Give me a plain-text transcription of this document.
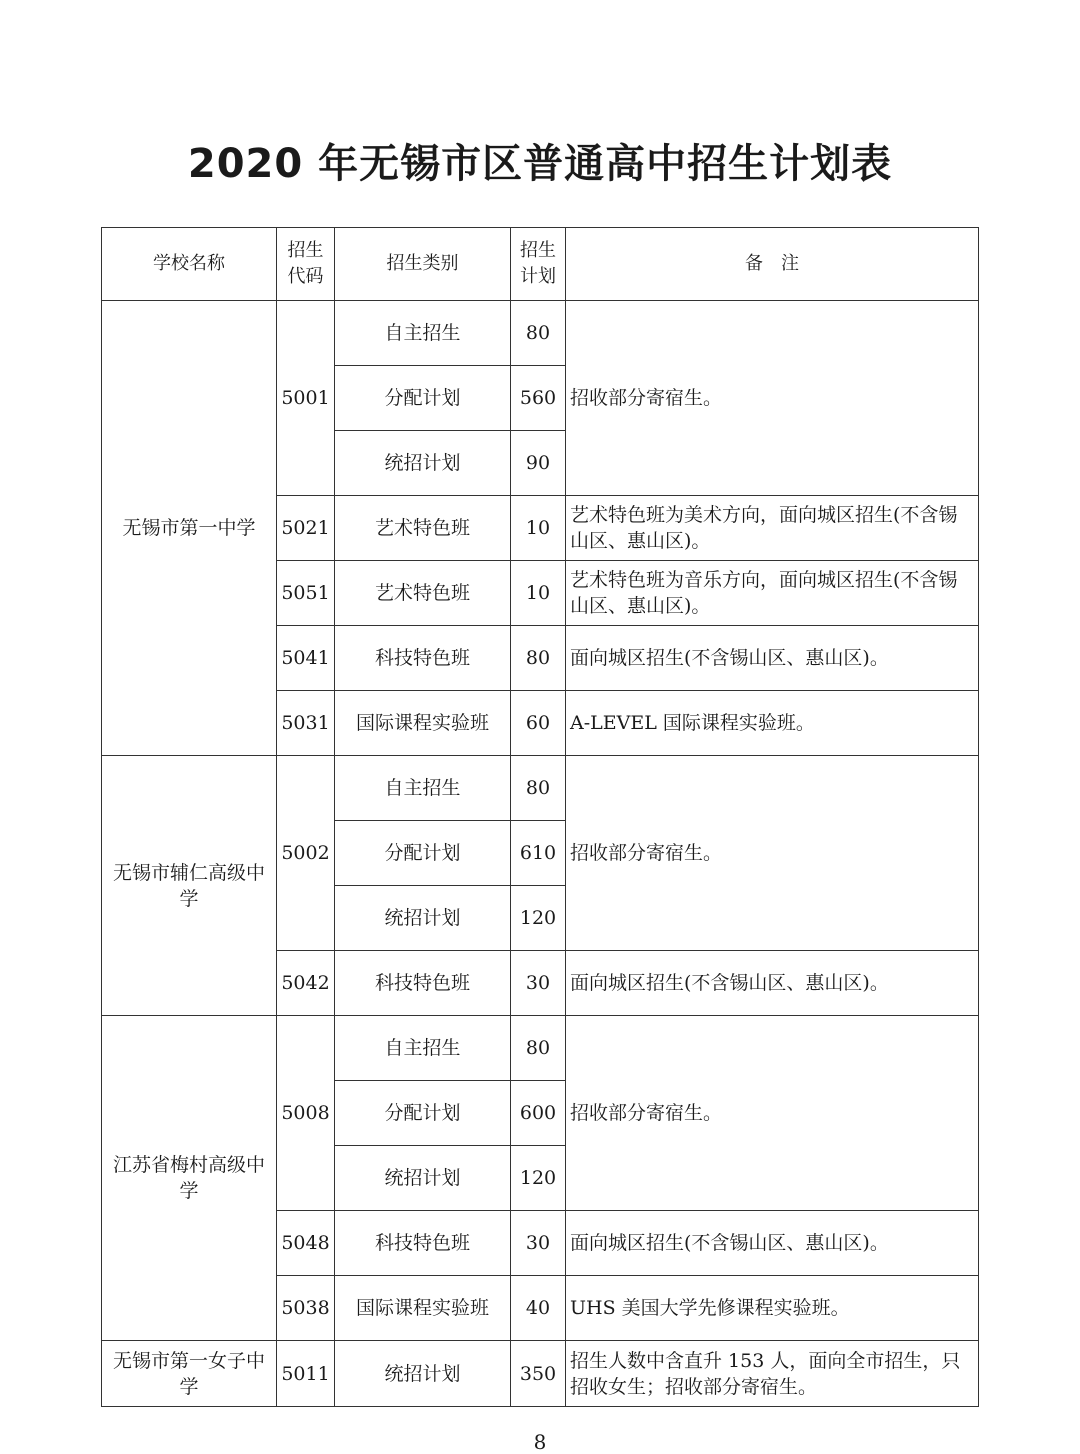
2020 年无锡市区普通高中招生计划表
学校名称	招生代码	招生类别	招生计划	备　注
无锡市第一中学	5001	自主招生	80	招收部分寄宿生。
		分配计划	560	
		统招计划	90	
	5021	艺术特色班	10	艺术特色班为美术方向，面向城区招生(不含锡山区、惠山区)。
	5051	艺术特色班	10	艺术特色班为音乐方向，面向城区招生(不含锡山区、惠山区)。
	5041	科技特色班	80	面向城区招生(不含锡山区、惠山区)。
	5031	国际课程实验班	60	A-LEVEL 国际课程实验班。
无锡市辅仁高级中学	5002	自主招生	80	招收部分寄宿生。
		分配计划	610	
		统招计划	120	
	5042	科技特色班	30	面向城区招生(不含锡山区、惠山区)。
江苏省梅村高级中学	5008	自主招生	80	招收部分寄宿生。
		分配计划	600	
		统招计划	120	
	5048	科技特色班	30	面向城区招生(不含锡山区、惠山区)。
	5038	国际课程实验班	40	UHS 美国大学先修课程实验班。
无锡市第一女子中学	5011	统招计划	350	招生人数中含直升 153 人，面向全市招生，只招收女生；招收部分寄宿生。
8
